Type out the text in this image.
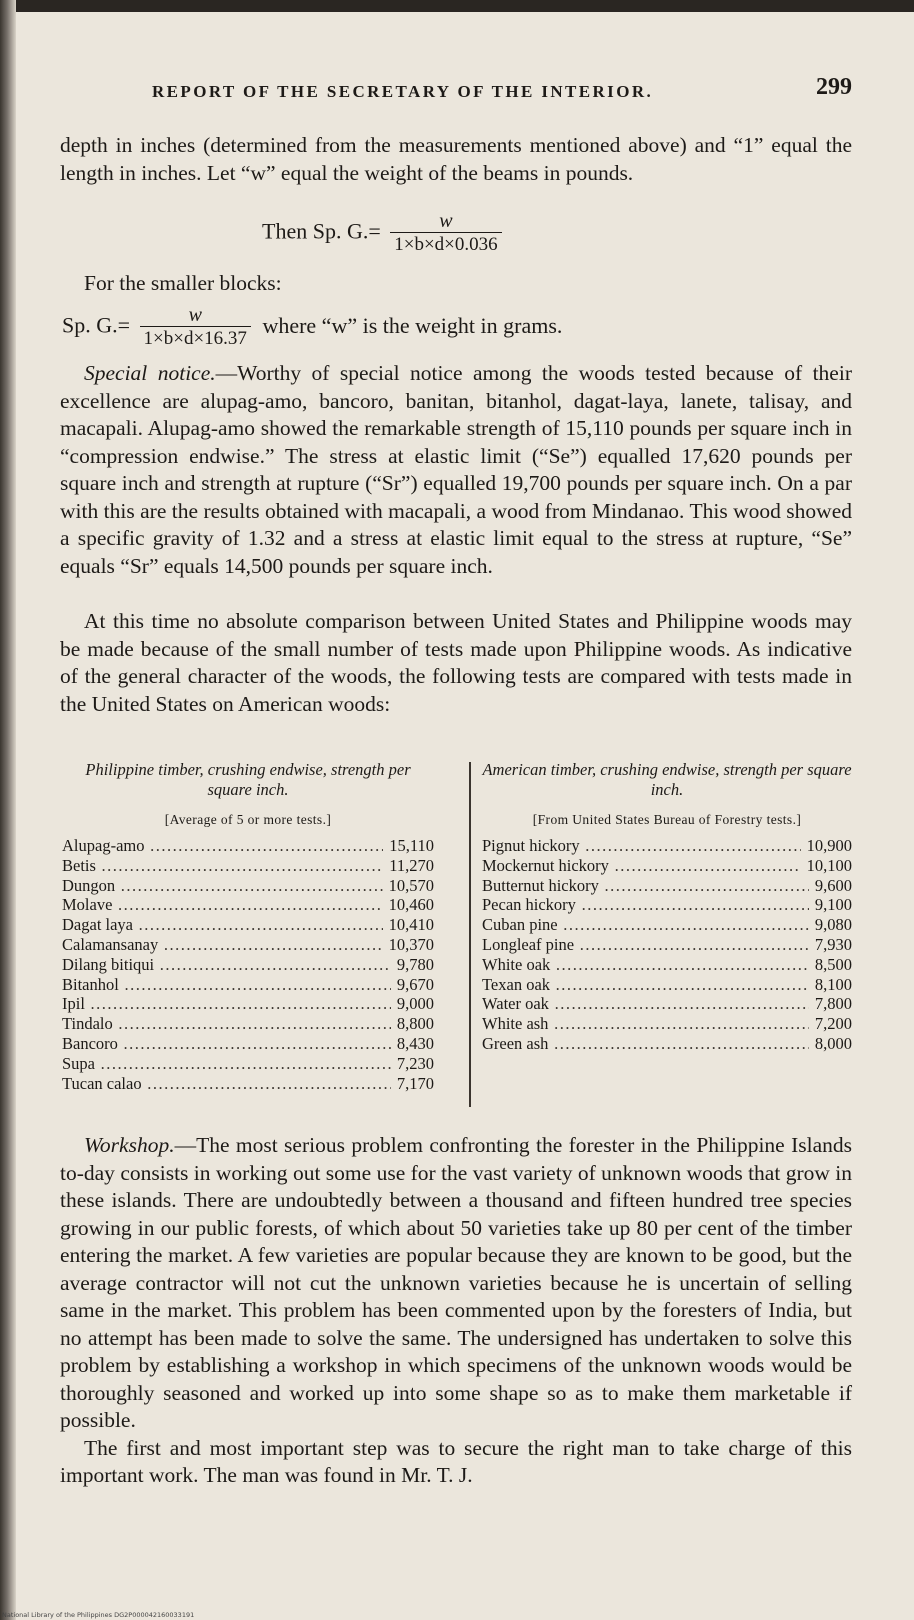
REPORT OF THE SECRETARY OF THE INTERIOR.	299

depth in inches (determined from the measurements mentioned above) and “1” equal the length in inches. Let “w” equal the weight of the beams in pounds.

Then Sp. $G.= \frac{w}{1\times b\times d\times 0.036}$

For the smaller blocks:

Sp. $G.= \frac{w}{1\times b\times d\times 16.37}$ where “w” is the weight in grams.

Special notice.—Worthy of special notice among the woods tested because of their excellence are alupag-amo, bancoro, banitan, bitanhol, dagat-laya, lanete, talisay, and macapali. Alupag-amo showed the remarkable strength of 15,110 pounds per square inch in “compression endwise.” The stress at elastic limit (“Se”) equalled 17,620 pounds per square inch and strength at rupture (“Sr”) equalled 19,700 pounds per square inch. On a par with this are the results obtained with macapali, a wood from Mindanao. This wood showed a specific gravity of 1.32 and a stress at elastic limit equal to the stress at rupture, “Se” equals “Sr” equals 14,500 pounds per square inch.

At this time no absolute comparison between United States and Philippine woods may be made because of the small number of tests made upon Philippine woods. As indicative of the general character of the woods, the following tests are compared with tests made in the United States on American woods:

Philippine timber, crushing endwise, strength per square inch.

[Average of 5 or more tests.]
Alupag-amo .....	15,110
Betis .....	11,270
Dungon .....	10,570
Molave .....	10,460
Dagat laya .....	10,410
Calamansanay .....	10,370
Dilang bitiqui .....	9,780
Bitanhol .....	9,670
Ipil .....	9,000
Tindalo .....	8,800
Bancoro .....	8,430
Supa .....	7,230
Tucan calao .....	7,170

American timber, crushing endwise, strength per square inch.

[From United States Bureau of Forestry tests.]
Pignut hickory .....	10,900
Mockernut hickory .....	10,100
Butternut hickory .....	9,600
Pecan hickory .....	9,100
Cuban pine .....	9,080
Longleaf pine .....	7,930
White oak .....	8,500
Texan oak .....	8,100
Water oak .....	7,800
White ash .....	7,200
Green ash .....	8,000

Workshop.—The most serious problem confronting the forester in the Philippine Islands to-day consists in working out some use for the vast variety of unknown woods that grow in these islands. There are undoubtedly between a thousand and fifteen hundred tree species growing in our public forests, of which about 50 varieties take up 80 per cent of the timber entering the market. A few varieties are popular because they are known to be good, but the average contractor will not cut the unknown varieties because he is uncertain of selling same in the market. This problem has been commented upon by the foresters of India, but no attempt has been made to solve the same. The undersigned has undertaken to solve this problem by establishing a workshop in which specimens of the unknown woods would be thoroughly seasoned and worked up into some shape so as to make them marketable if possible.

The first and most important step was to secure the right man to take charge of this important work. The man was found in Mr. T. J.

National Library of the Philippines DG2P000042160033191
